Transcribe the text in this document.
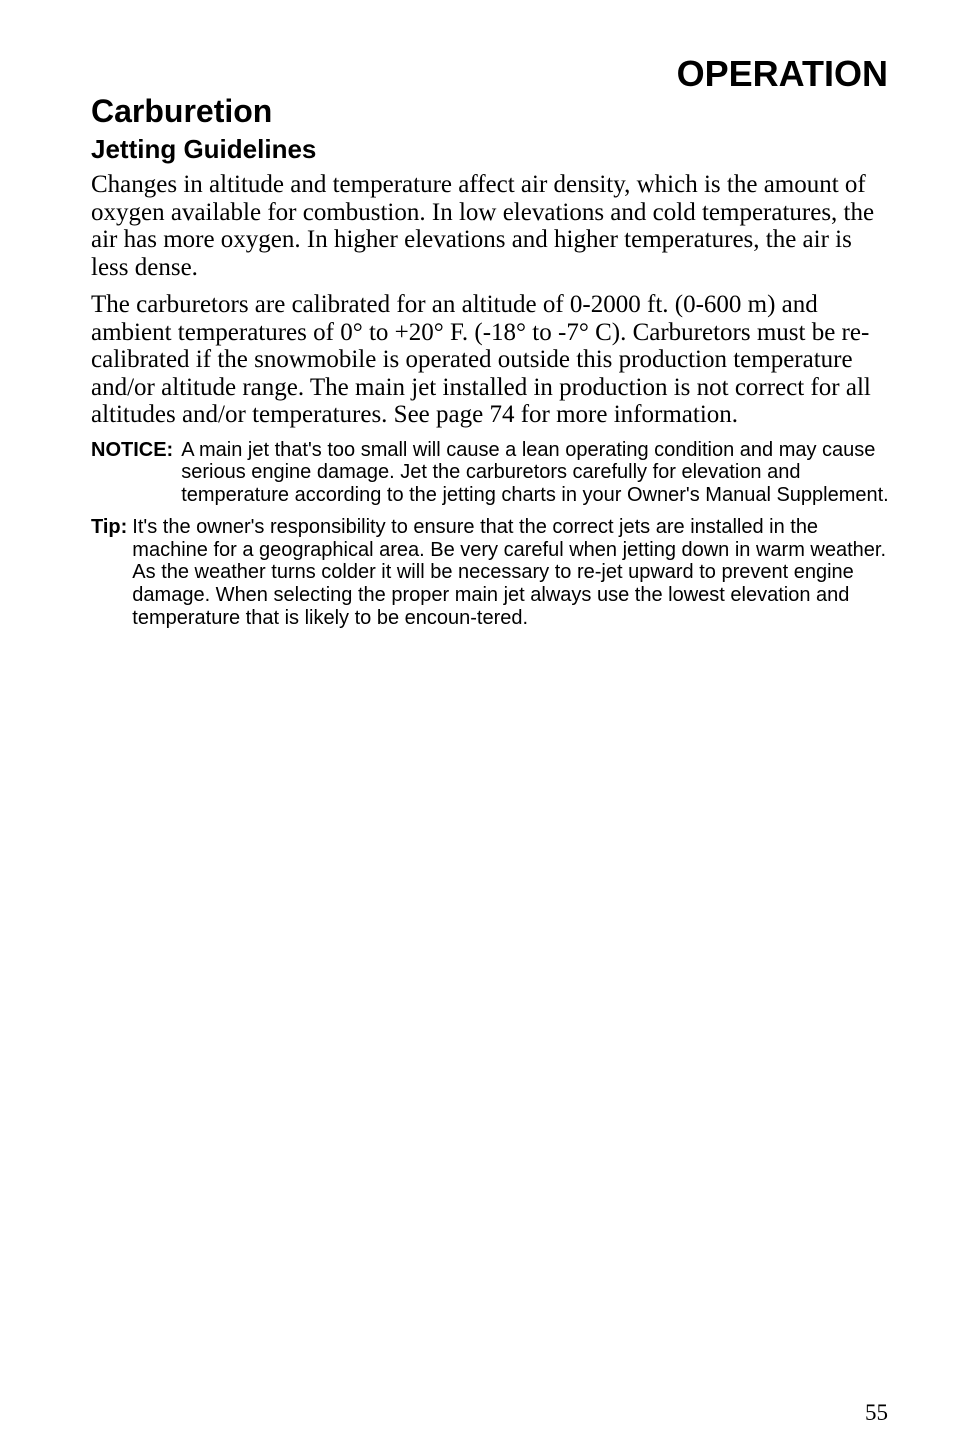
OPERATION
Carburetion
Jetting Guidelines

Changes in altitude and temperature affect air density, which is the amount of oxygen available for combustion. In low elevations and cold temperatures, the air has more oxygen. In higher elevations and higher temperatures, the air is less dense.

The carburetors are calibrated for an altitude of 0-2000 ft. (0-600 m) and ambient temperatures of 0° to +20° F. (-18° to -7° C). Carburetors must be re-calibrated if the snowmobile is operated outside this production temperature and/or altitude range. The main jet installed in production is not correct for all altitudes and/or temperatures. See page 74 for more information.

NOTICE: A main jet that's too small will cause a lean operating condition and may cause serious engine damage. Jet the carburetors carefully for elevation and temperature according to the jetting charts in your Owner's Manual Supplement.
Tip: It's the owner's responsibility to ensure that the correct jets are installed in the machine for a geographical area. Be very careful when jetting down in warm weather. As the weather turns colder it will be necessary to re-jet upward to prevent engine damage. When selecting the proper main jet always use the lowest elevation and temperature that is likely to be encoun-tered.
55
